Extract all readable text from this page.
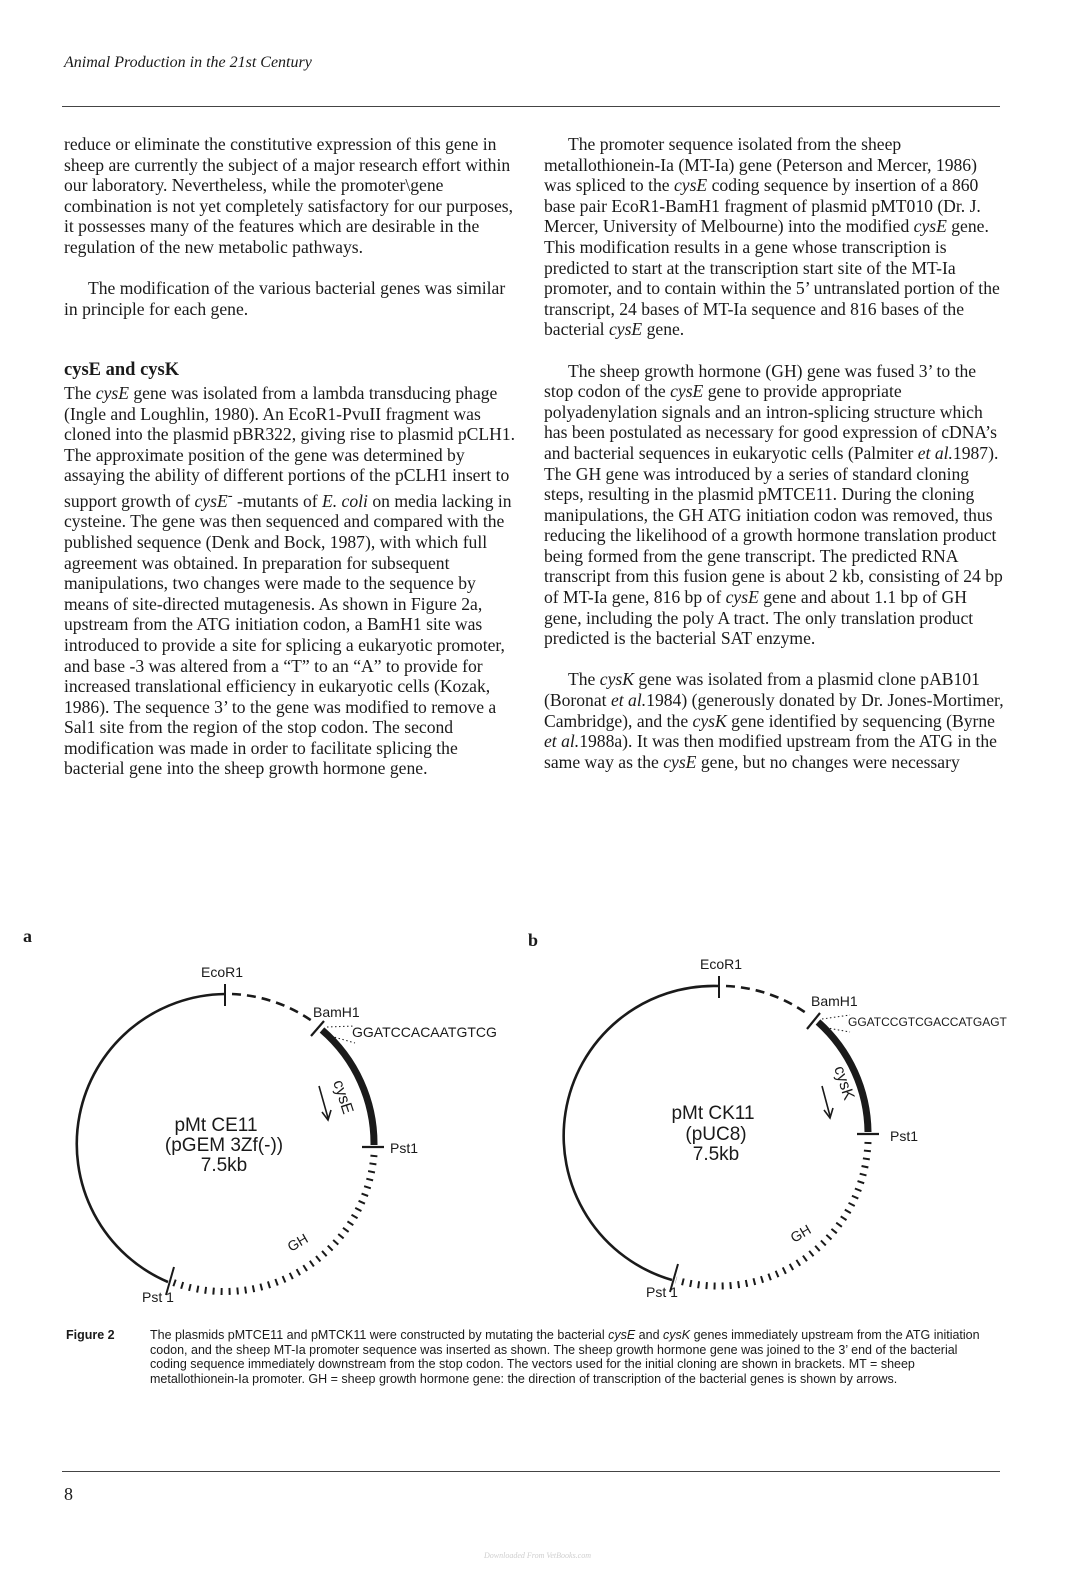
Animal Production in the 21st Century

reduce or eliminate the constitutive expression of this gene in sheep are currently the subject of a major research effort within our laboratory. Nevertheless, while the promoter\gene combination is not yet completely satisfactory for our purposes, it possesses many of the features which are desirable in the regulation of the new metabolic pathways.

The modification of the various bacterial genes was similar in principle for each gene.

cysE and cysK

The cysE gene was isolated from a lambda transducing phage (Ingle and Loughlin, 1980). An EcoR1-PvuII fragment was cloned into the plasmid pBR322, giving rise to plasmid pCLH1. The approximate position of the gene was determined by assaying the ability of different portions of the pCLH1 insert to support growth of cysE- -mutants of E. coli on media lacking in cysteine. The gene was then sequenced and compared with the published sequence (Denk and Bock, 1987), with which full agreement was obtained. In preparation for subsequent manipulations, two changes were made to the sequence by means of site-directed mutagenesis. As shown in Figure 2a, upstream from the ATG initiation codon, a BamH1 site was introduced to provide a site for splicing a eukaryotic promoter, and base -3 was altered from a “T” to an “A” to provide for increased translational efficiency in eukaryotic cells (Kozak, 1986). The sequence 3’ to the gene was modified to remove a Sal1 site from the region of the stop codon. The second modification was made in order to facilitate splicing the bacterial gene into the sheep growth hormone gene.

The promoter sequence isolated from the sheep metallothionein-Ia (MT-Ia) gene (Peterson and Mercer, 1986) was spliced to the cysE coding sequence by insertion of a 860 base pair EcoR1-BamH1 fragment of plasmid pMT010 (Dr. J. Mercer, University of Melbourne) into the modified cysE gene. This modification results in a gene whose transcription is predicted to start at the transcription start site of the MT-Ia promoter, and to contain within the 5’ untranslated portion of the transcript, 24 bases of MT-Ia sequence and 816 bases of the bacterial cysE gene.

The sheep growth hormone (GH) gene was fused 3’ to the stop codon of the cysE gene to provide appropriate polyadenylation signals and an intron-splicing structure which has been postulated as necessary for good expression of cDNA’s and bacterial sequences in eukaryotic cells (Palmiter et al.1987). The GH gene was introduced by a series of standard cloning steps, resulting in the plasmid pMTCE11. During the cloning manipulations, the GH ATG initiation codon was removed, thus reducing the likelihood of a growth hormone translation product being formed from the gene transcript. The predicted RNA transcript from this fusion gene is about 2 kb, consisting of 24 bp of MT-Ia gene, 816 bp of cysE gene and about 1.1 bp of GH gene, including the poly A tract. The only translation product predicted is the bacterial SAT enzyme.

The cysK gene was isolated from a plasmid clone pAB101 (Boronat et al.1984) (generously donated by Dr. Jones-Mortimer, Cambridge), and the cysK gene identified by sequencing (Byrne et al.1988a). It was then modified upstream from the ATG in the same way as the cysE gene, but no changes were necessary

a	b
EcoR1
BamH1
GGATCCACAATGTCG
cysE
Pst1
Pst 1
GH
pMt CE11
(pGEM 3Zf(-))
7.5kb
EcoR1
BamH1
GGATCCGTCGACCATGAGT
cysK
Pst1
Pst 1
GH
pMt CK11
(pUC8)
7.5kb
Figure 2	The plasmids pMTCE11 and pMTCK11 were constructed by mutating the bacterial cysE and cysK genes immediately upstream from the ATG initiation codon, and the sheep MT-Ia promoter sequence was inserted as shown. The sheep growth hormone gene was joined to the 3’ end of the bacterial coding sequence immediately downstream from the stop codon. The vectors used for the initial cloning are shown in brackets. MT = sheep metallothionein-Ia promoter. GH = sheep growth hormone gene: the direction of transcription of the bacterial genes is shown by arrows.
8
Downloaded From VetBooks.com
